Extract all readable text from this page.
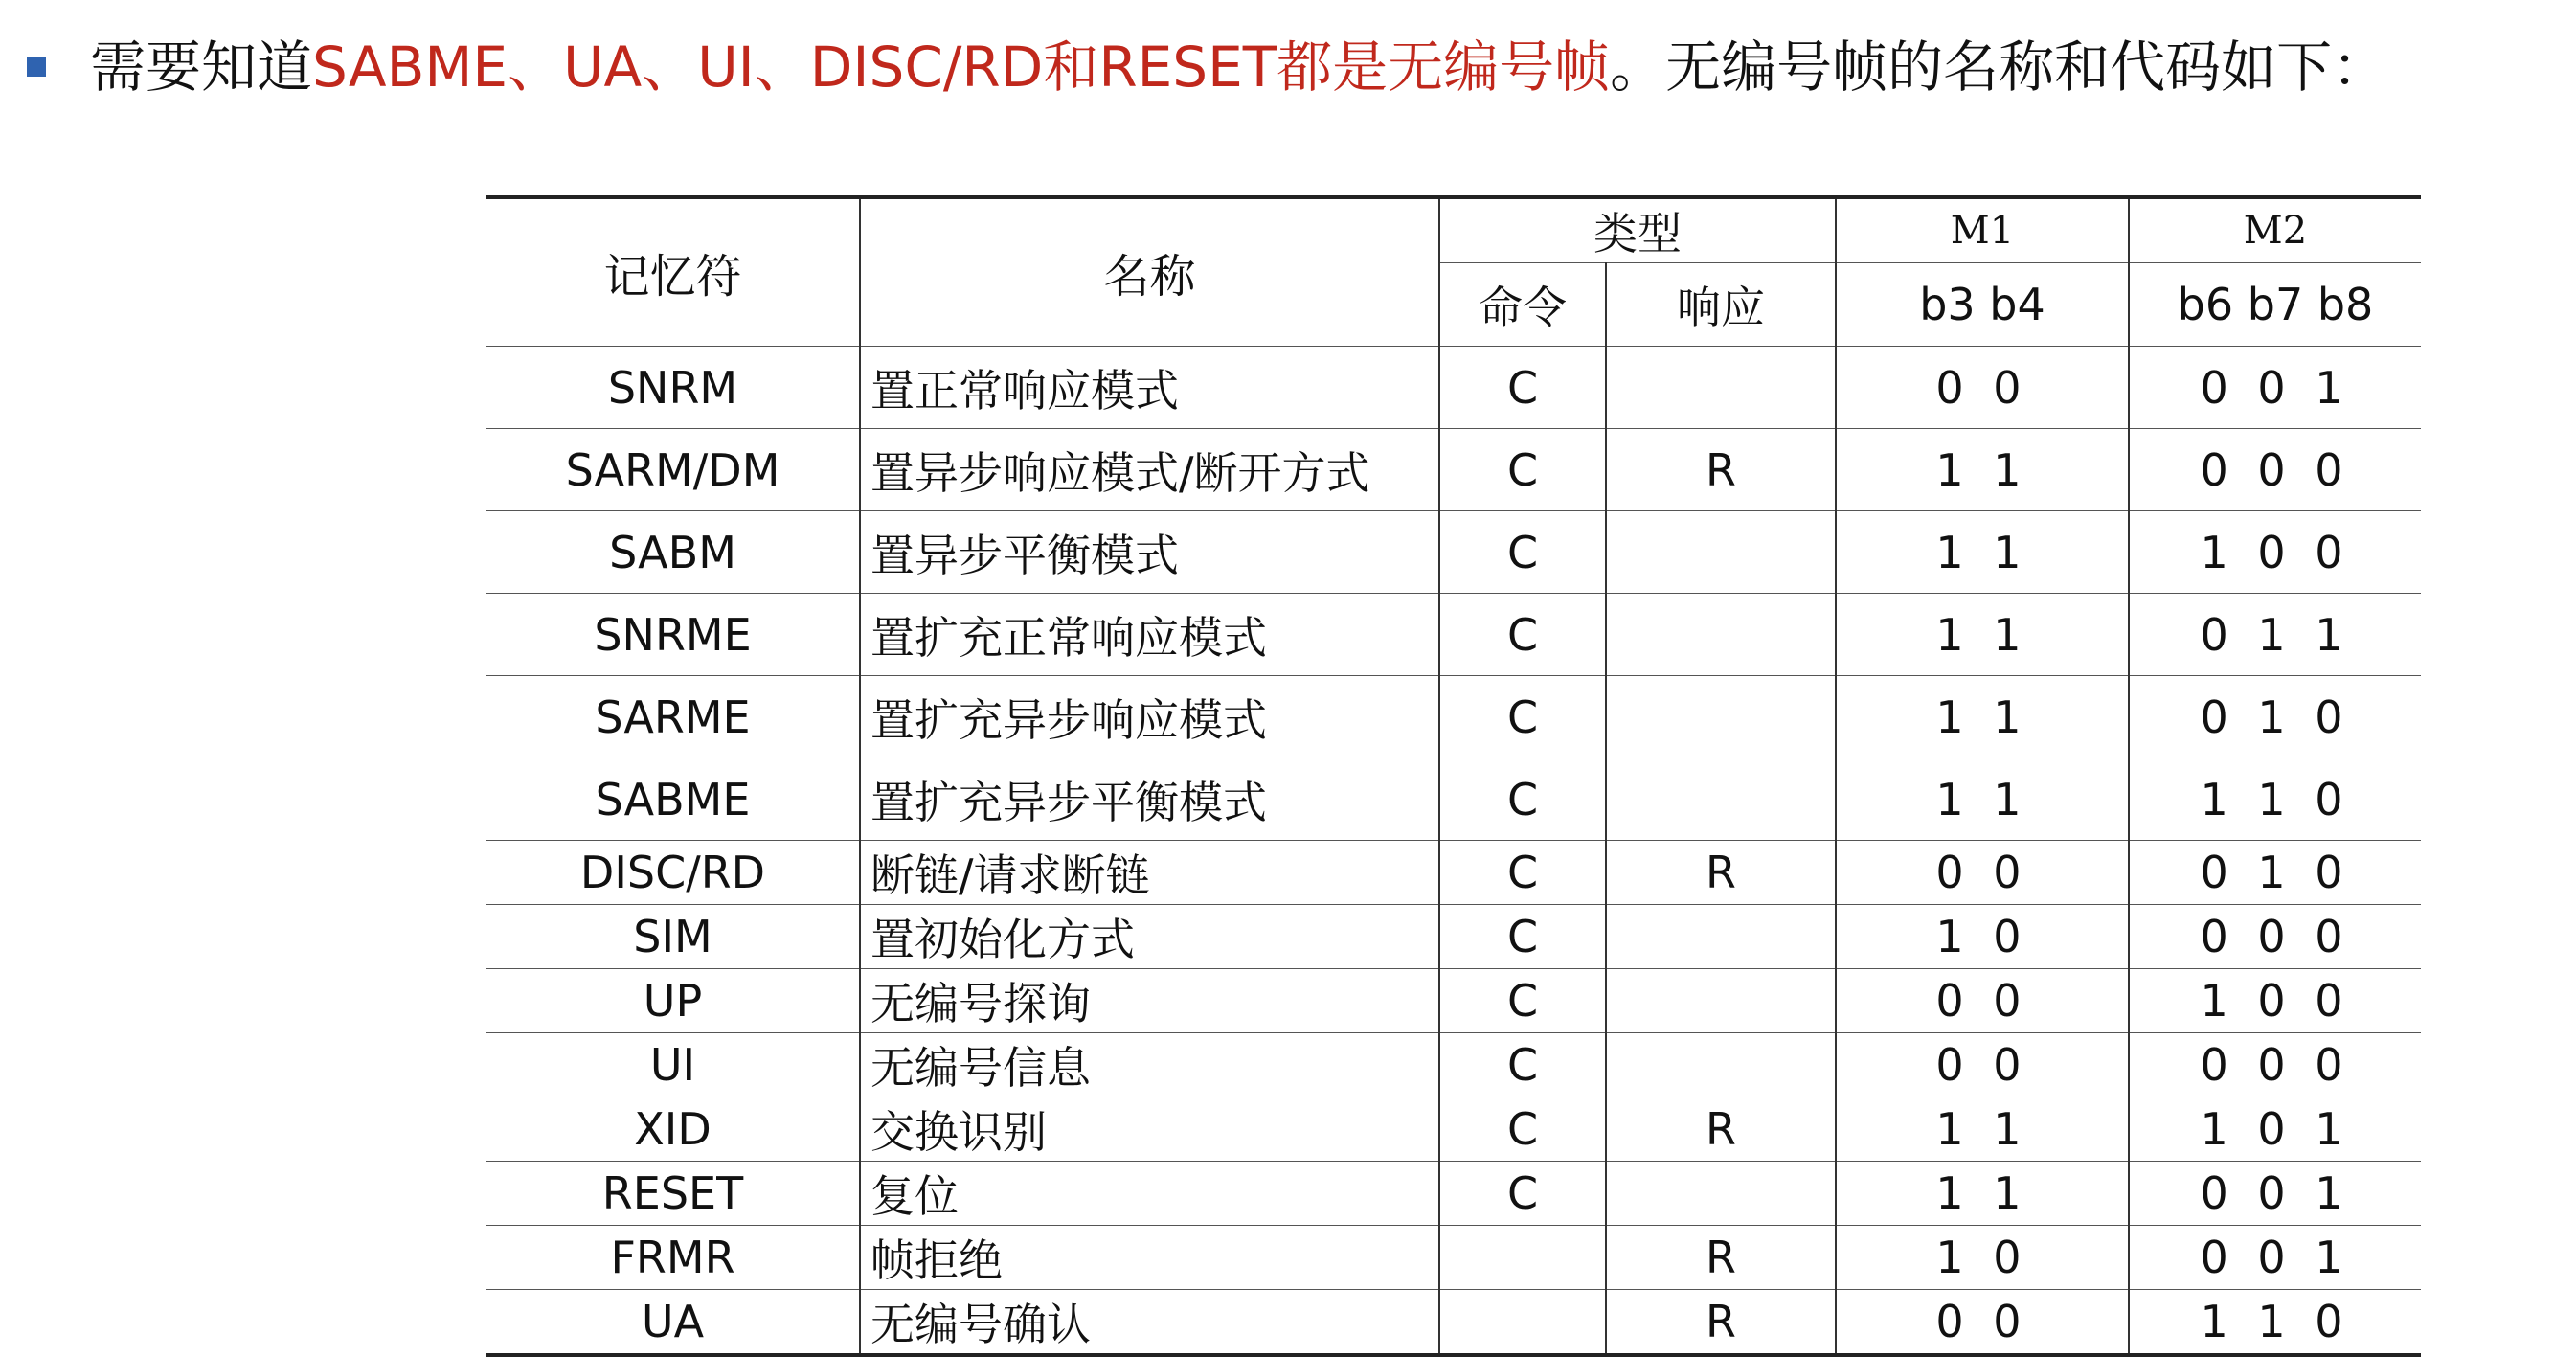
需要知道 SABME、UA、UI、DISC/RD和RESET都是无编号帧 。无编号帧的名称和代码如下：
记忆符	名称	类型		M1	M2
		命令	响应	b3 b4	b6 b7 b8
SNRM	置正常响应模式	C		0 0	0 0 1
SARM/DM	置异步响应模式/断开方式	C	R	1 1	0 0 0
SABM	置异步平衡模式	C		1 1	1 0 0
SNRME	置扩充正常响应模式	C		1 1	0 1 1
SARME	置扩充异步响应模式	C		1 1	0 1 0
SABME	置扩充异步平衡模式	C		1 1	1 1 0
DISC/RD	断链/请求断链	C	R	0 0	0 1 0
SIM	置初始化方式	C		1 0	0 0 0
UP	无编号探询	C		0 0	1 0 0
UI	无编号信息	C		0 0	0 0 0
XID	交换识别	C	R	1 1	1 0 1
RESET	复位	C		1 1	0 0 1
FRMR	帧拒绝		R	1 0	0 0 1
UA	无编号确认		R	0 0	1 1 0
